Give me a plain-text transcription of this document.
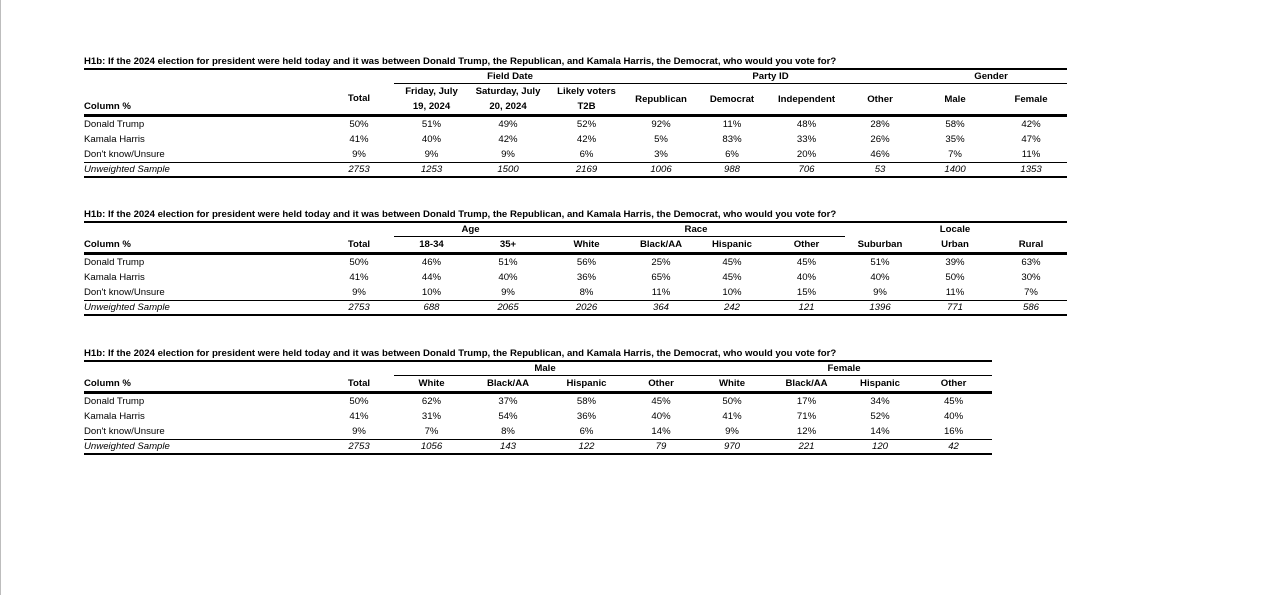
H1b: If the 2024 election for president were held today and it was between Donald Trump, the Republican, and Kamala Harris, the Democrat, who would you vote for?
		Field Date			Party ID				Gender	
	Total	Friday, July	Saturday, July	Likely voters	Republican	Democrat	Independent	Other	Male	Female
Column %		19, 2024	20, 2024	T2B						
Donald Trump	50%	51%	49%	52%	92%	11%	48%	28%	58%	42%
Kamala Harris	41%	40%	42%	42%	5%	83%	33%	26%	35%	47%
Don't know/Unsure	9%	9%	9%	6%	3%	6%	20%	46%	7%	11%
Unweighted Sample	2753	1253	1500	2169	1006	988	706	53	1400	1353
H1b: If the 2024 election for president were held today and it was between Donald Trump, the Republican, and Kamala Harris, the Democrat, who would you vote for?
		Age		Race					Locale	
Column %	Total	18-34	35+	White	Black/AA	Hispanic	Other	Suburban	Urban	Rural
Donald Trump	50%	46%	51%	56%	25%	45%	45%	51%	39%	63%
Kamala Harris	41%	44%	40%	36%	65%	45%	40%	40%	50%	30%
Don't know/Unsure	9%	10%	9%	8%	11%	10%	15%	9%	11%	7%
Unweighted Sample	2753	688	2065	2026	364	242	121	1396	771	586
H1b: If the 2024 election for president were held today and it was between Donald Trump, the Republican, and Kamala Harris, the Democrat, who would you vote for?
		Male				Female			
Column %	Total	White	Black/AA	Hispanic	Other	White	Black/AA	Hispanic	Other
Donald Trump	50%	62%	37%	58%	45%	50%	17%	34%	45%
Kamala Harris	41%	31%	54%	36%	40%	41%	71%	52%	40%
Don't know/Unsure	9%	7%	8%	6%	14%	9%	12%	14%	16%
Unweighted Sample	2753	1056	143	122	79	970	221	120	42
